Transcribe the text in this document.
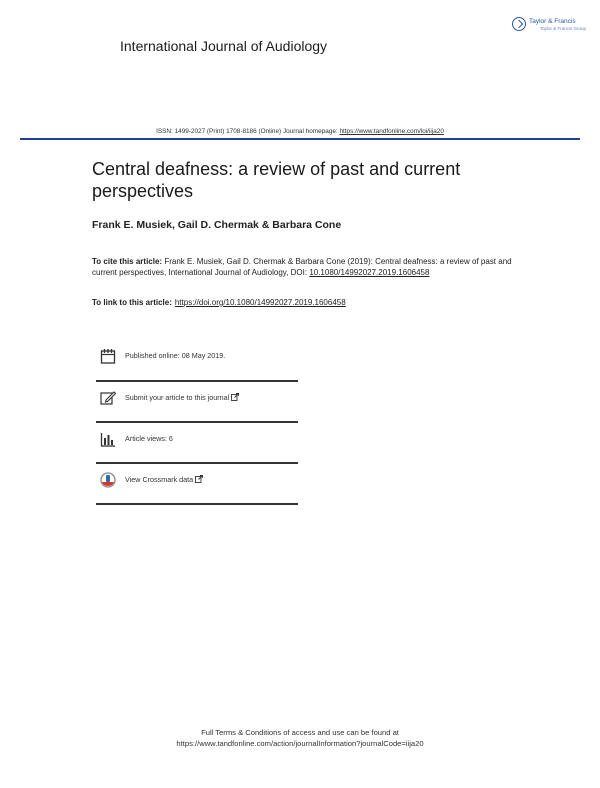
Taylor & Francis
Taylor & Francis Group
International Journal of Audiology
ISSN: 1499-2027 (Print) 1708-8186 (Online) Journal homepage: https://www.tandfonline.com/loi/iija20
Central deafness: a review of past and current perspectives
Frank E. Musiek, Gail D. Chermak & Barbara Cone
To cite this article: Frank E. Musiek, Gail D. Chermak & Barbara Cone (2019): Central deafness: a review of past and current perspectives, International Journal of Audiology, DOI: 10.1080/14992027.2019.1606458
To link to this article: https://doi.org/10.1080/14992027.2019.1606458
Published online: 08 May 2019.
Submit your article to this journal
Article views: 6
View Crossmark data
Full Terms & Conditions of access and use can be found at
https://www.tandfonline.com/action/journalInformation?journalCode=iija20
